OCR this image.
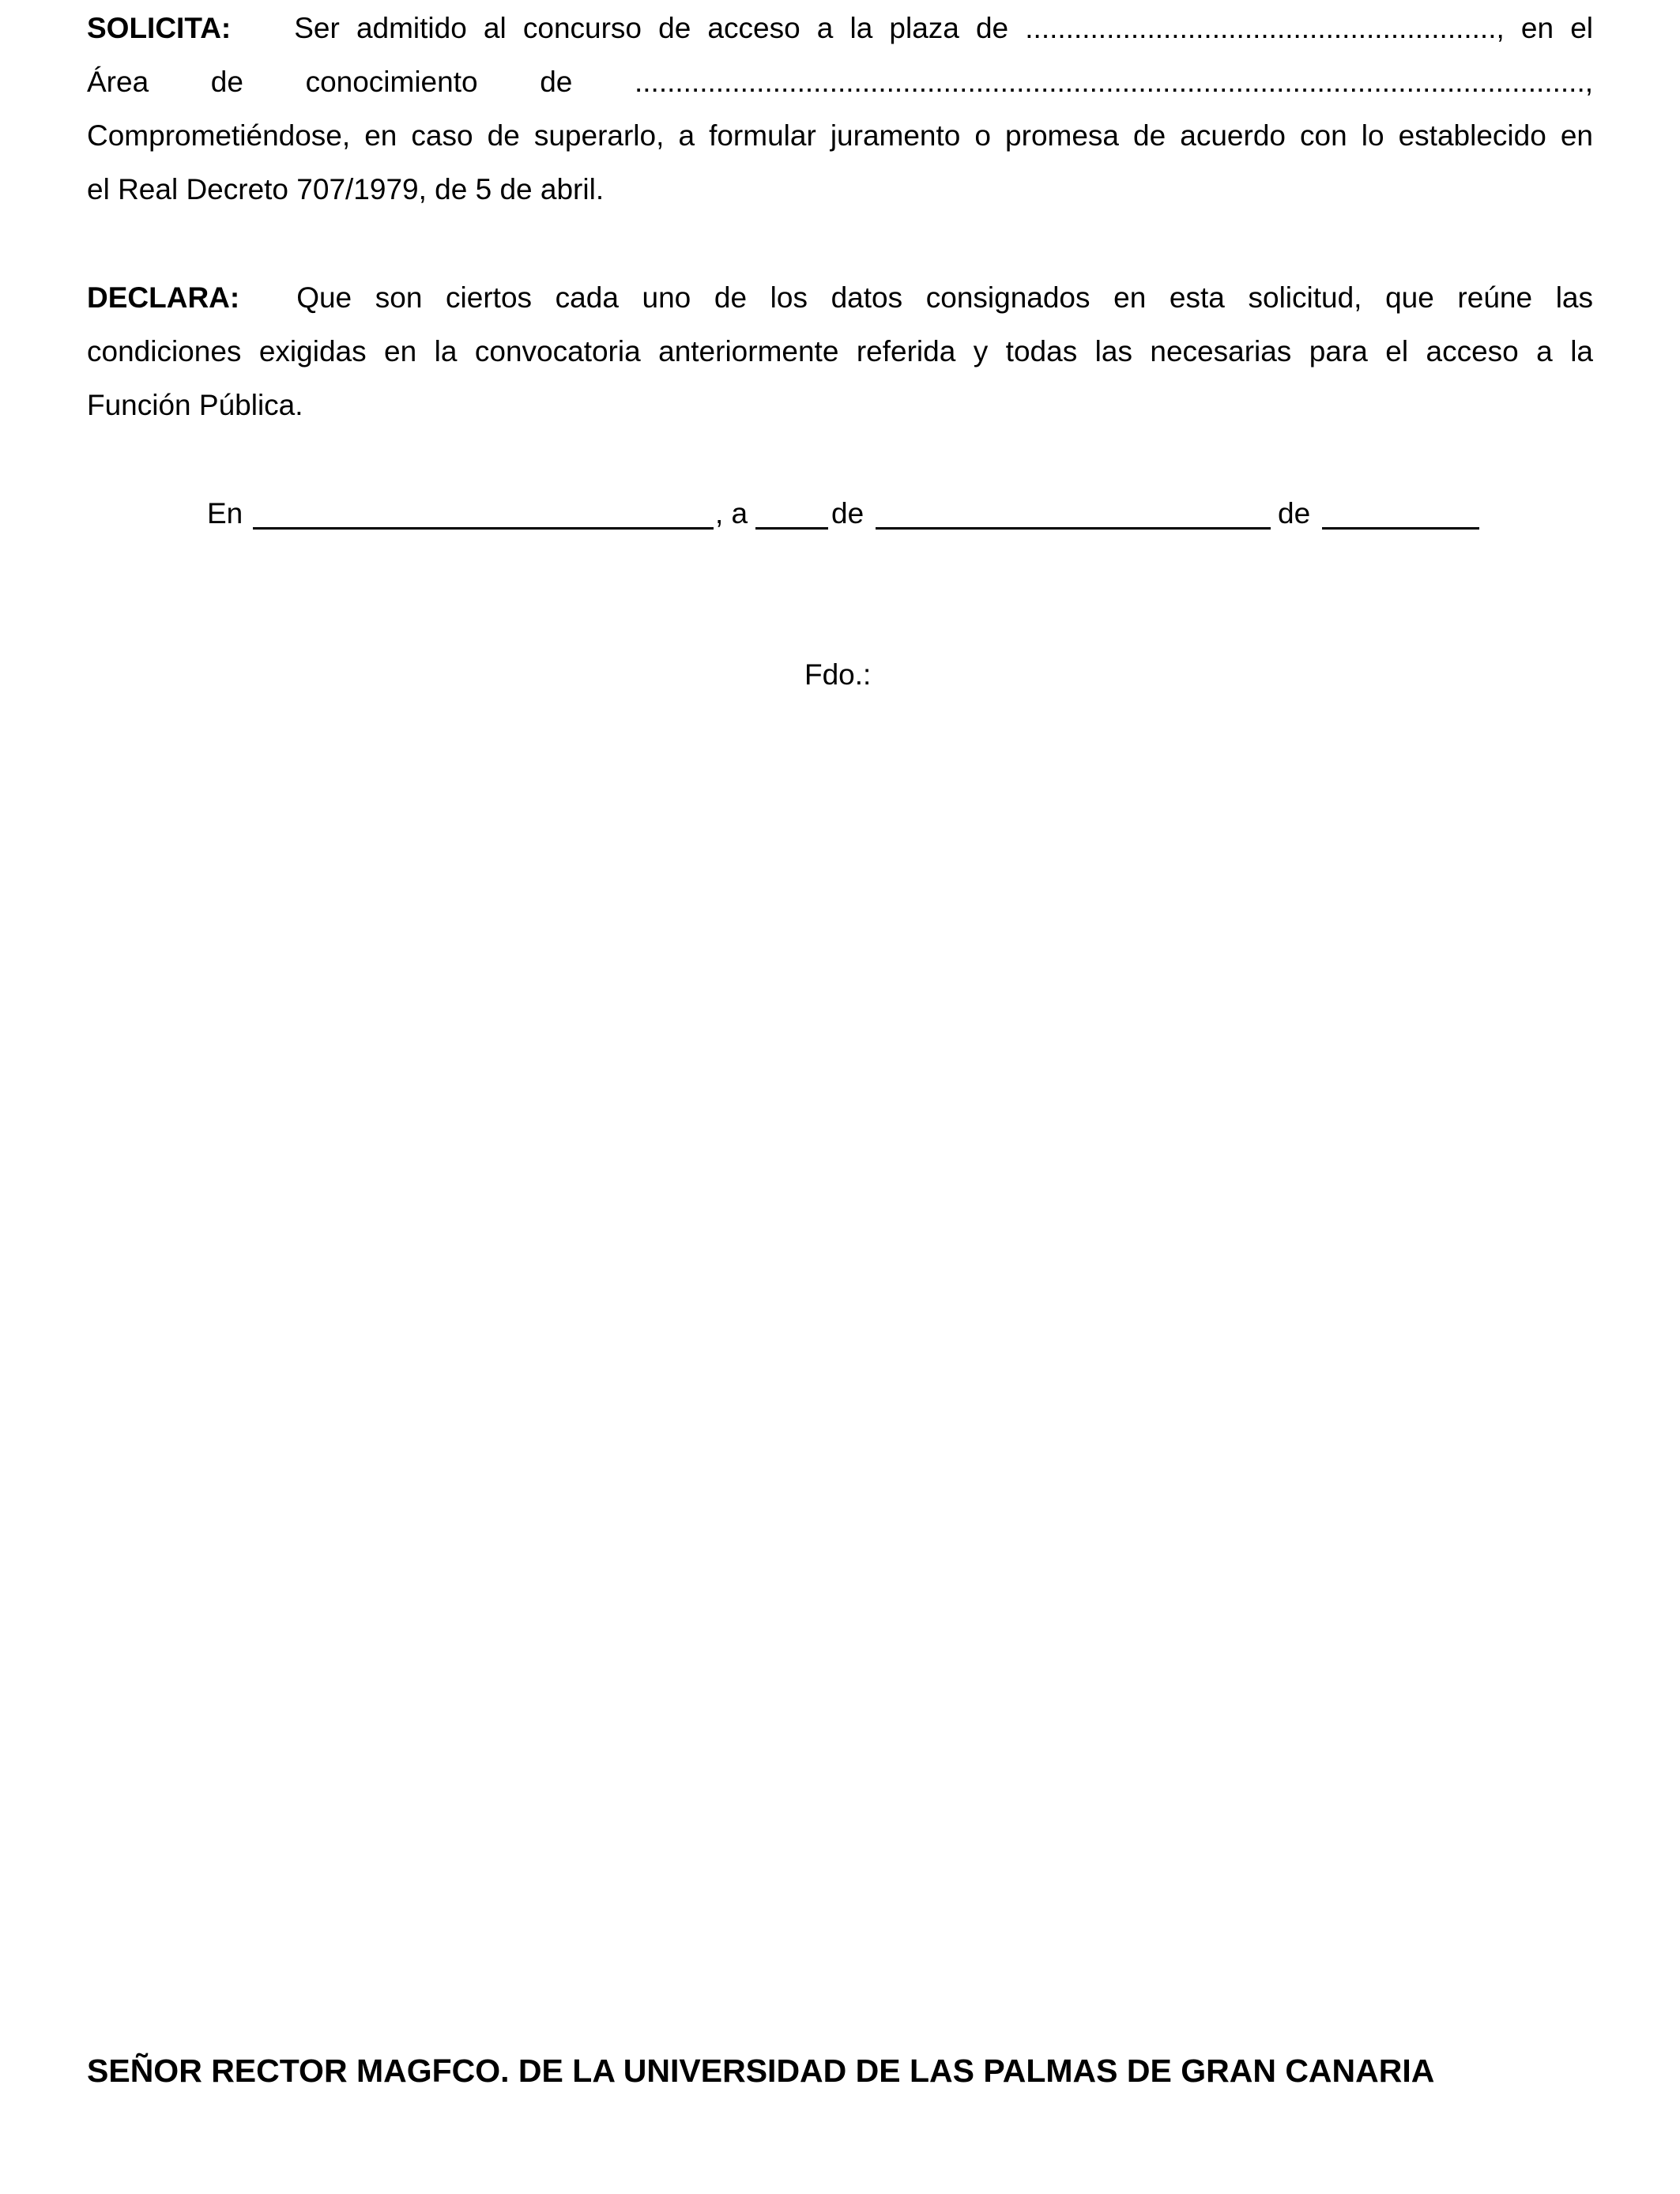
SOLICITA: Ser admitido al concurso de acceso a la plaza de .........................................................., en el
Área de conocimiento de .....................................................................................................................,
Comprometiéndose, en caso de superarlo, a formular juramento o promesa de acuerdo con lo establecido en
el Real Decreto 707/1979, de 5 de abril.
DECLARA: Que son ciertos cada uno de los datos consignados en esta solicitud, que reúne las
condiciones exigidas en la convocatoria anteriormente referida y todas las necesarias para el acceso a la
Función Pública.
En	, a	de	de
Fdo.:
SEÑOR RECTOR MAGFCO. DE LA UNIVERSIDAD DE LAS PALMAS DE GRAN CANARIA
